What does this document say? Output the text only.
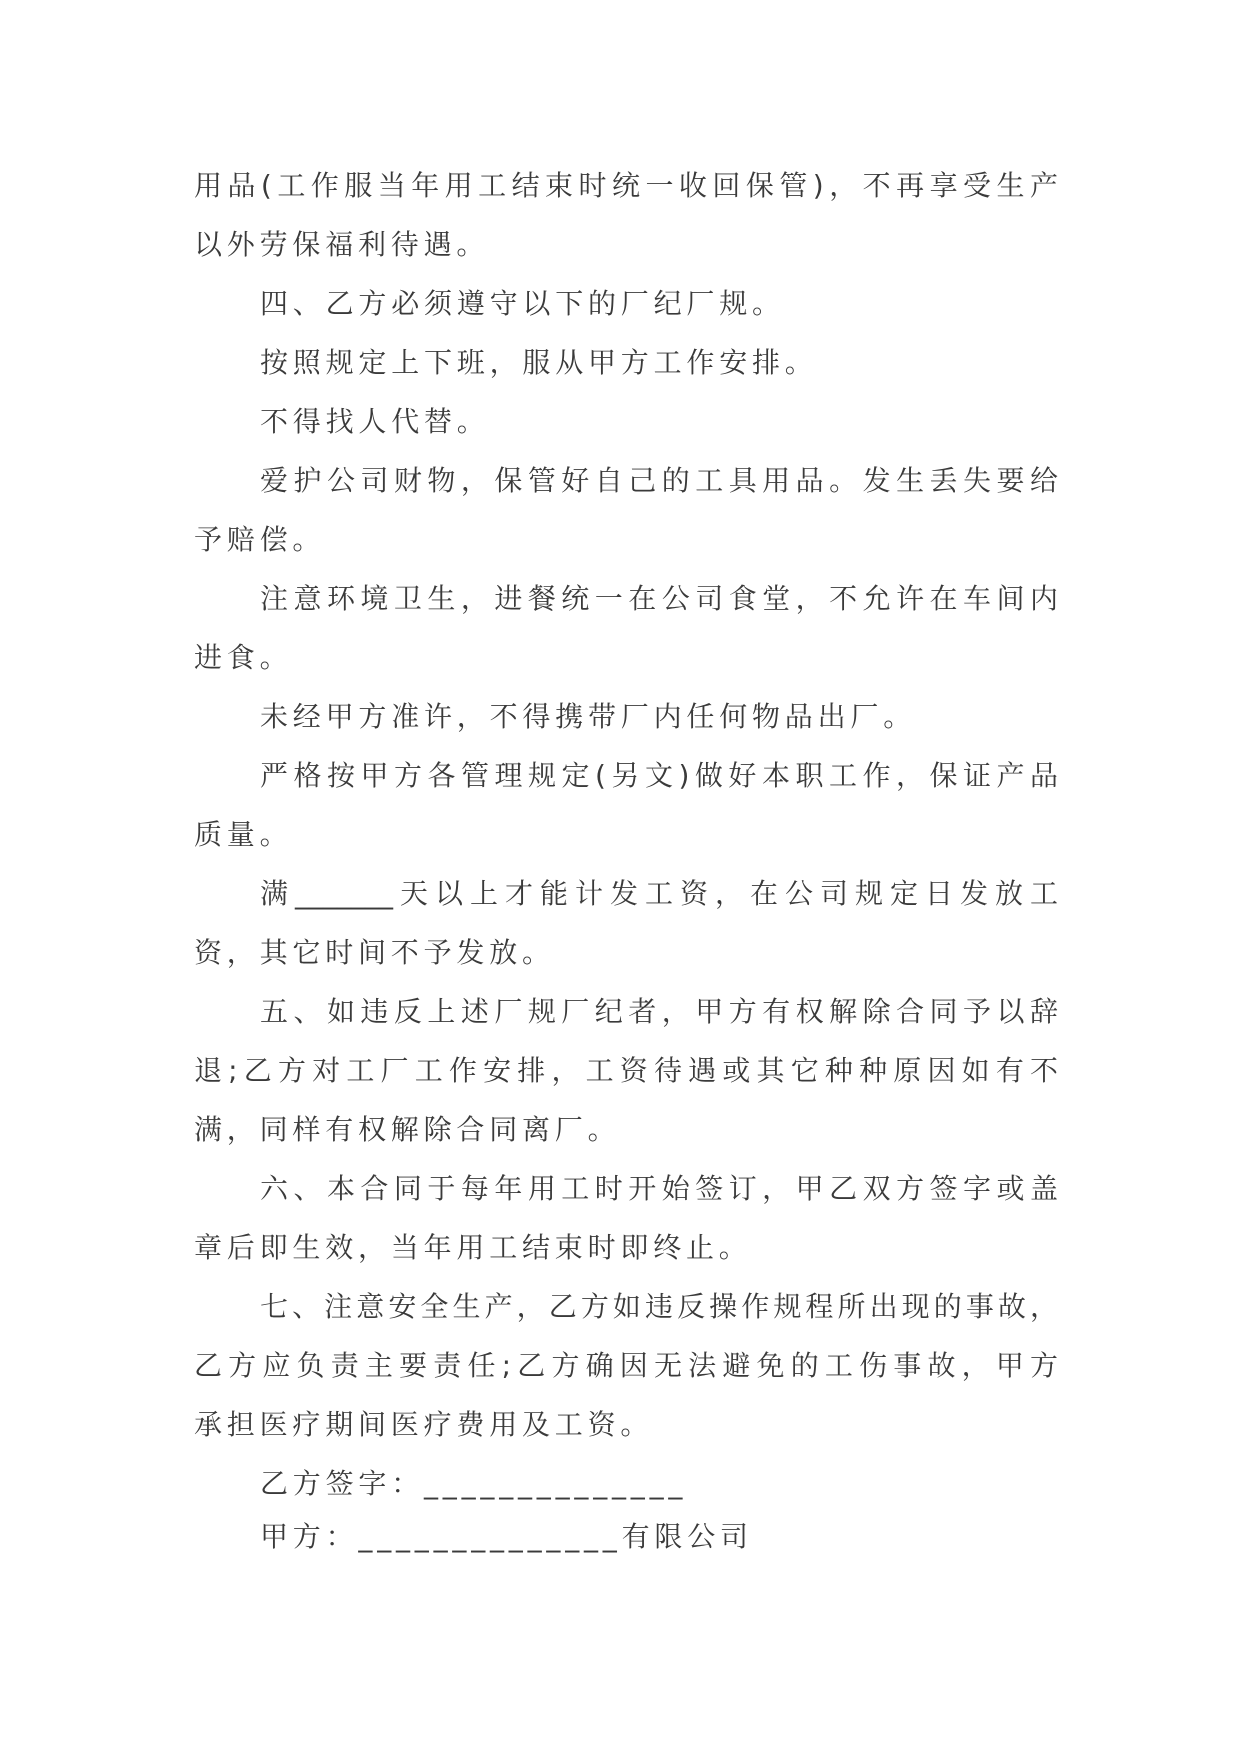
用品(工作服当年用工结束时统一收回保管)，不再享受生产
以外劳保福利待遇。
四、乙方必须遵守以下的厂纪厂规。
按照规定上下班，服从甲方工作安排。
不得找人代替。
爱护公司财物，保管好自己的工具用品。发生丢失要给
予赔偿。
注意环境卫生，进餐统一在公司食堂，不允许在车间内
进食。
未经甲方准许，不得携带厂内任何物品出厂。
严格按甲方各管理规定(另文)做好本职工作，保证产品
质量。
满_______天以上才能计发工资，在公司规定日发放工
资，其它时间不予发放。
五、如违反上述厂规厂纪者，甲方有权解除合同予以辞
退;乙方对工厂工作安排，工资待遇或其它种种原因如有不
满，同样有权解除合同离厂。
六、本合同于每年用工时开始签订，甲乙双方签字或盖
章后即生效，当年用工结束时即终止。
七、注意安全生产，乙方如违反操作规程所出现的事故，
乙方应负责主要责任;乙方确因无法避免的工伤事故，甲方
承担医疗期间医疗费用及工资。
乙方签字：______________
甲方：______________有限公司
